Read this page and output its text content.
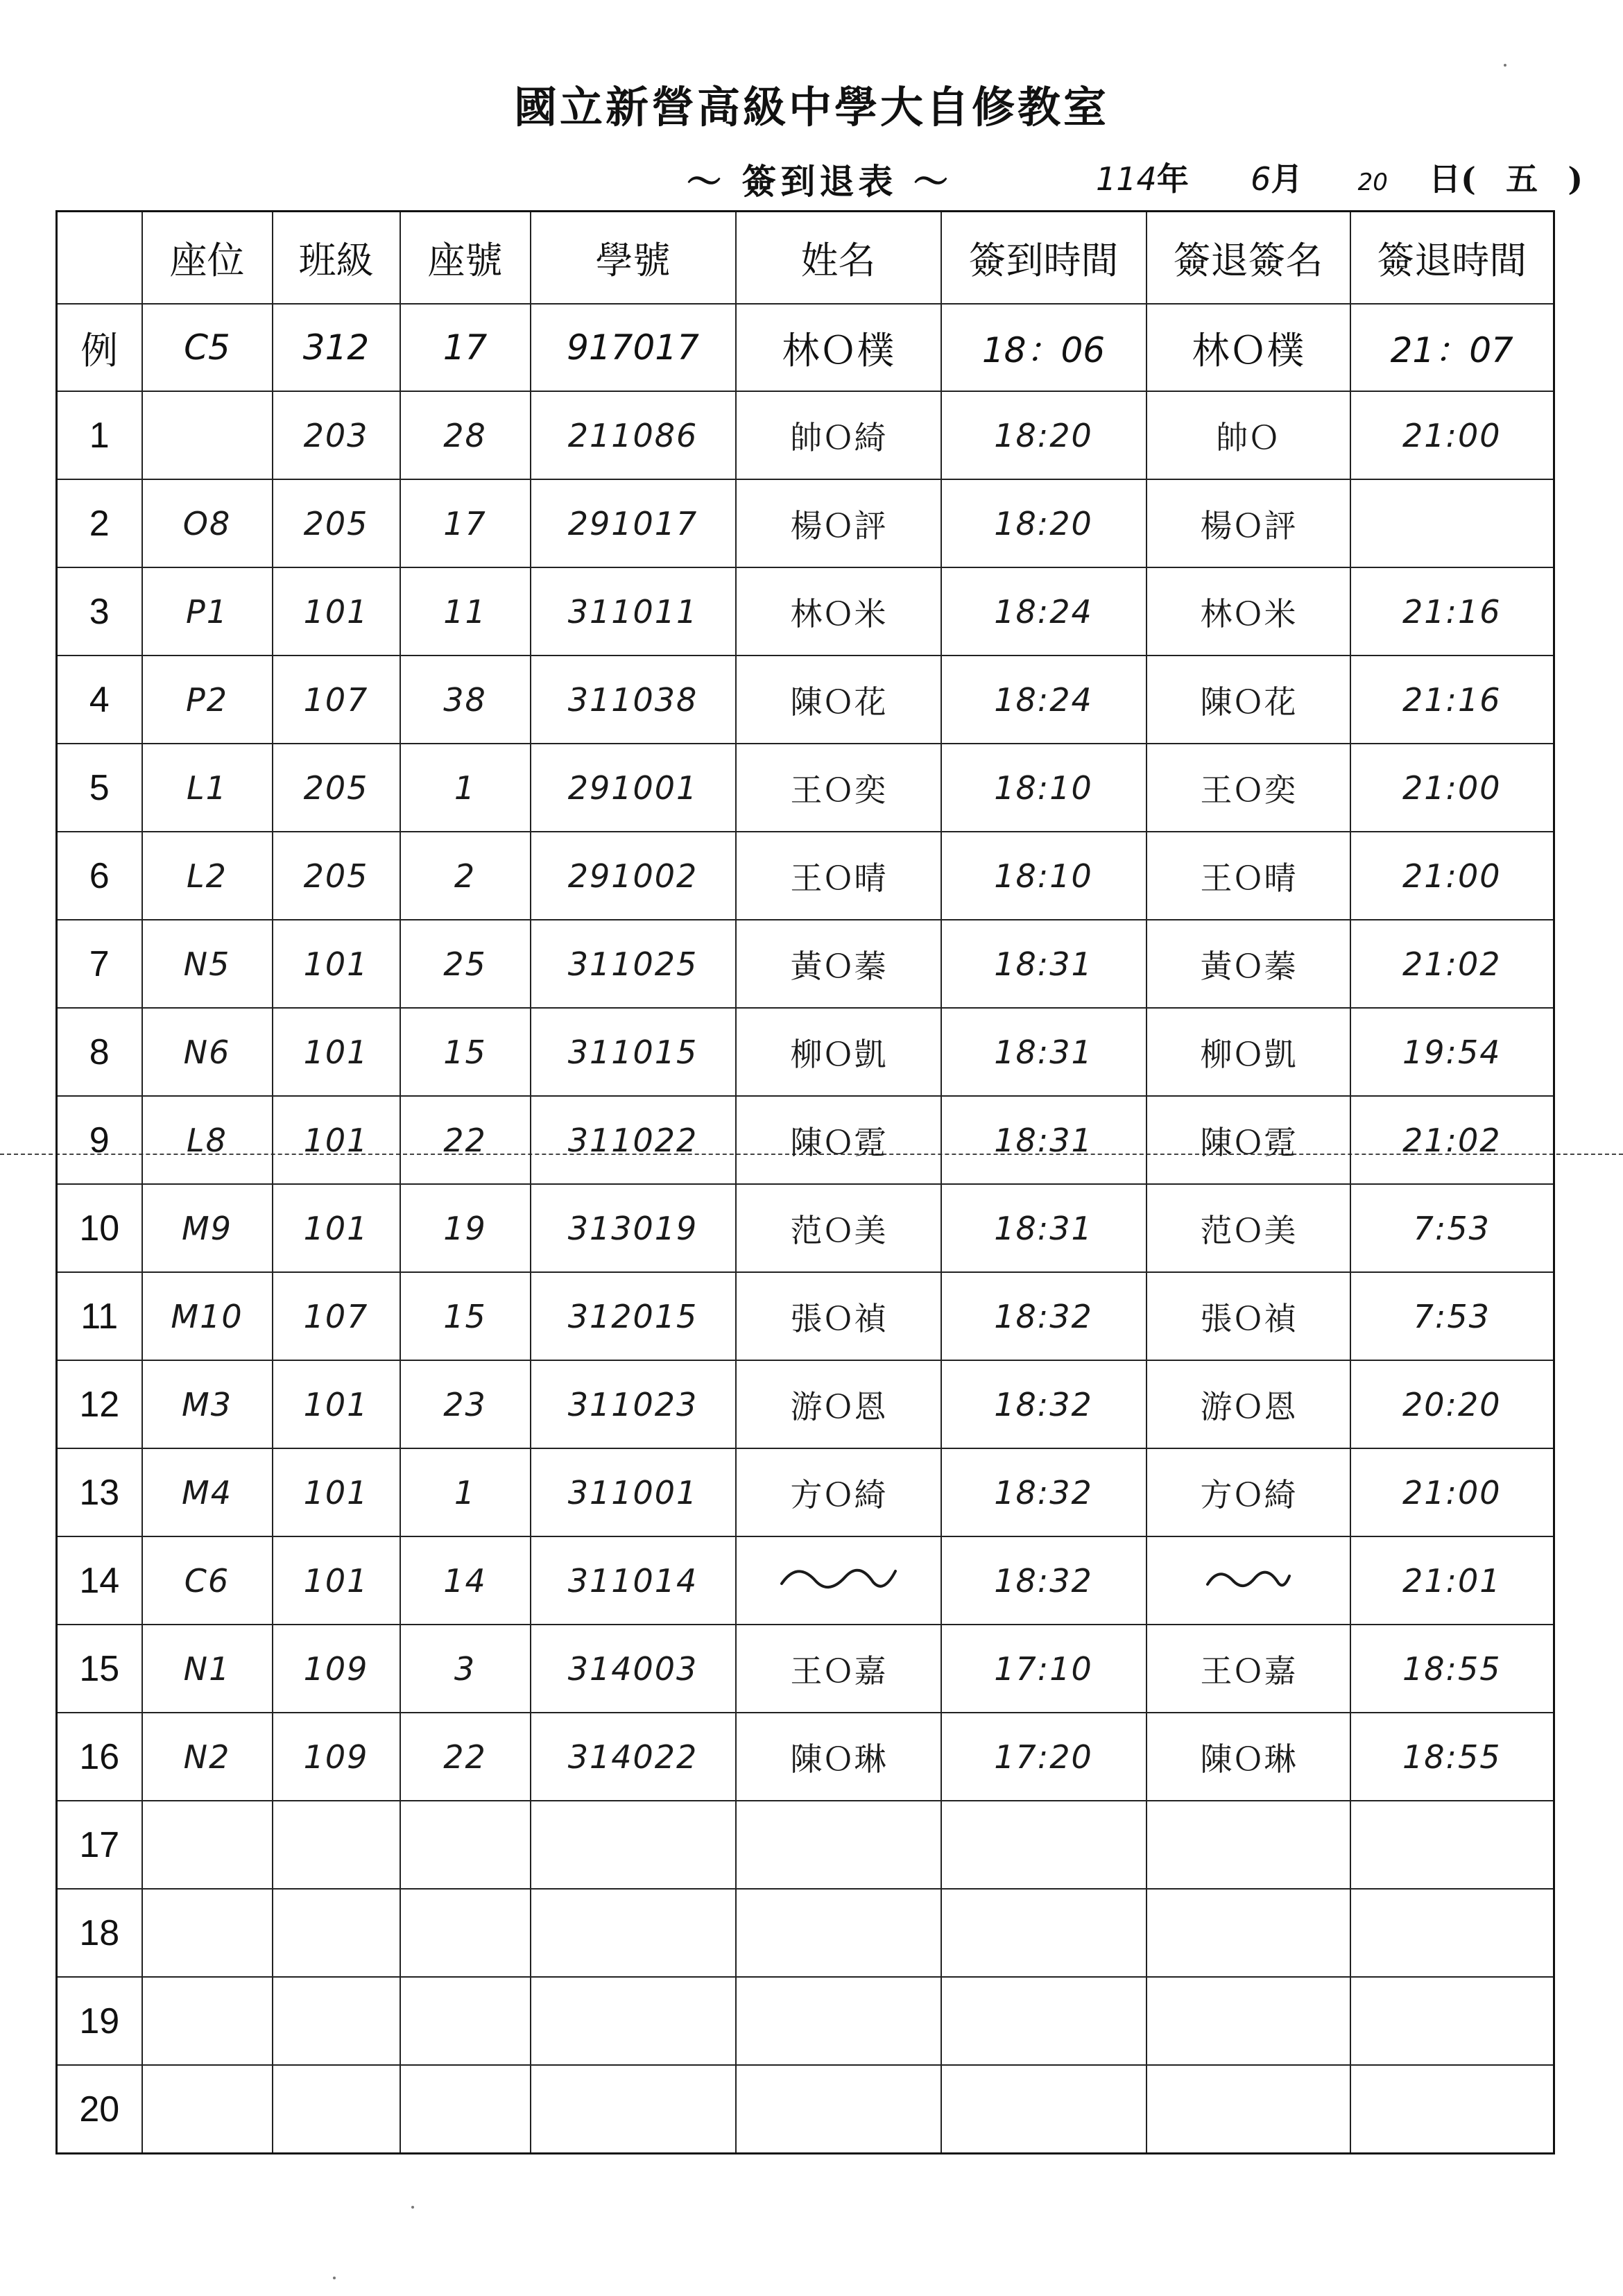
國立新營高級中學大自修教室
～ 簽到退表 ～	114年 6月 20 日( 五 )
	座位	班級	座號	學號	姓名	簽到時間	簽退簽名	簽退時間
例	C5	312	17	917017	林Ｏ樸	18：06	林Ｏ樸	21：07
1		203	28	211086	帥Ｏ綺	18:20	帥Ｏ	21:00
2	O8	205	17	291017	楊Ｏ評	18:20	楊Ｏ評	
3	P1	101	11	311011	林Ｏ米	18:24	林Ｏ米	21:16
4	P2	107	38	311038	陳Ｏ花	18:24	陳Ｏ花	21:16
5	L1	205	1	291001	王Ｏ奕	18:10	王Ｏ奕	21:00
6	L2	205	2	291002	王Ｏ晴	18:10	王Ｏ晴	21:00
7	N5	101	25	311025	黃Ｏ蓁	18:31	黃Ｏ蓁	21:02
8	N6	101	15	311015	柳Ｏ凱	18:31	柳Ｏ凱	19:54
9	L8	101	22	311022	陳Ｏ霓	18:31	陳Ｏ霓	21:02
10	M9	101	19	313019	范Ｏ美	18:31	范Ｏ美	7:53
11	M10	107	15	312015	張Ｏ禎	18:32	張Ｏ禎	7:53
12	M3	101	23	311023	游Ｏ恩	18:32	游Ｏ恩	20:20
13	M4	101	1	311001	方Ｏ綺	18:32	方Ｏ綺	21:00
14	C6	101	14	311014		18:32		21:01
15	N1	109	3	314003	王Ｏ嘉	17:10	王Ｏ嘉	18:55
16	N2	109	22	314022	陳Ｏ琳	17:20	陳Ｏ琳	18:55
17								
18								
19								
20								
